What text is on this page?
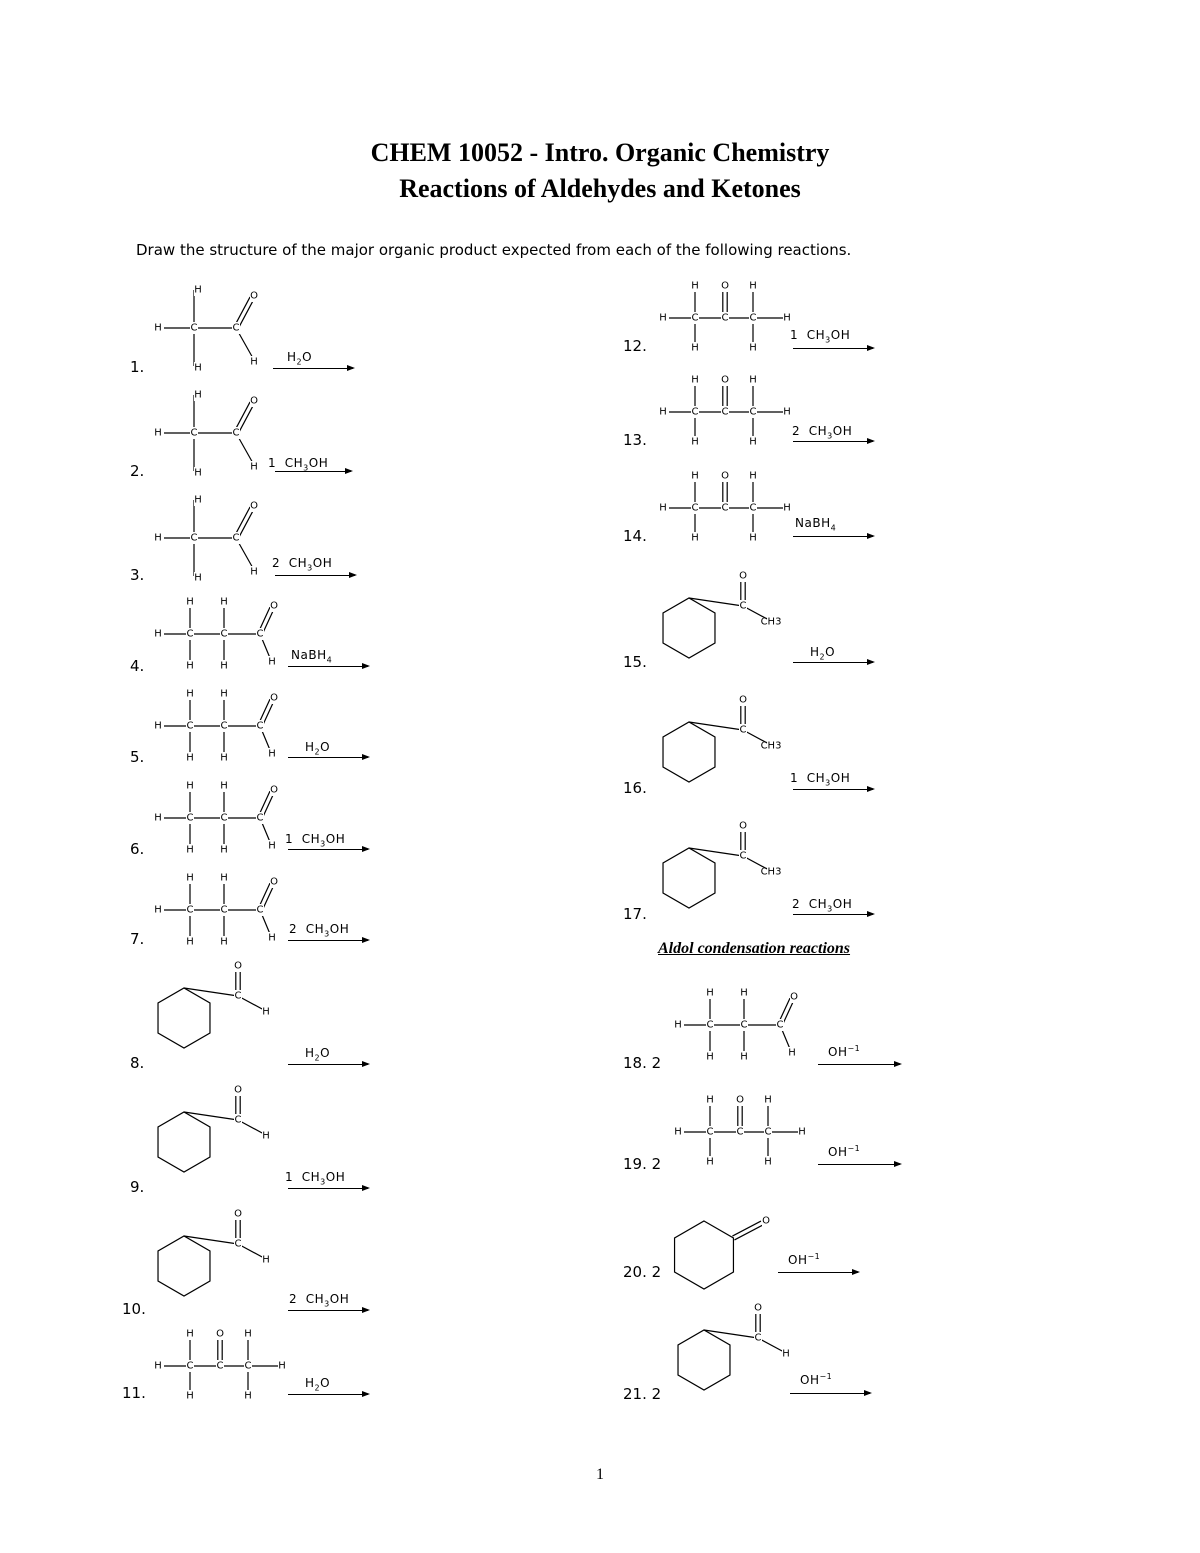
CHEM 10052 - Intro. Organic Chemistry
Reactions of Aldehydes and Ketones
Draw the structure of the major organic product expected from each of the following reactions.
Aldol condensation reactions
1
1.
C	C
H
H
H
H
O
$H_2O$
2.
C	C
H
H
H
H
O
1  $CH_3OH$
3.
C	C
H
H
H
H
O
2  $CH_3OH$
4.
C	C	C
H
H	H
H	H	H
O
NaBH$_4$
5.
C	C	C
H
H	H
H	H	H
O
$H_2O$
6.
C	C	C
H
H	H
H	H	H
O
1  $CH_3OH$
7.
C	C	C
H
H	H
H	H	H
O
2  $CH_3OH$
8.
C
O
H
$H_2O$
9.
C
O
H
1  $CH_3OH$
10.
C
O
H
2  $CH_3OH$
11.
C C C
H	H
H	H
H	H
O
$H_2O$
12.
C C C
H	H
H	H
H	H
O
1  $CH_3OH$
13.
C C C
H	H
H	H
H	H
O
2  $CH_3OH$
14.
C C C
H	H
H	H
H	H
O
NaBH$_4$
15.
C
O
CH3
$H_2O$
16.
C
O
CH3
1  $CH_3OH$
17.
C
O
CH3
2  $CH_3OH$
18. 2
C	C	C
H
H	H
H	H	H
O
$OH^{-1}$
19. 2
C C C
H	H
H	H
H	H
O
$OH^{-1}$
20. 2
O
$OH^{-1}$
21. 2
C
O
H
$OH^{-1}$
